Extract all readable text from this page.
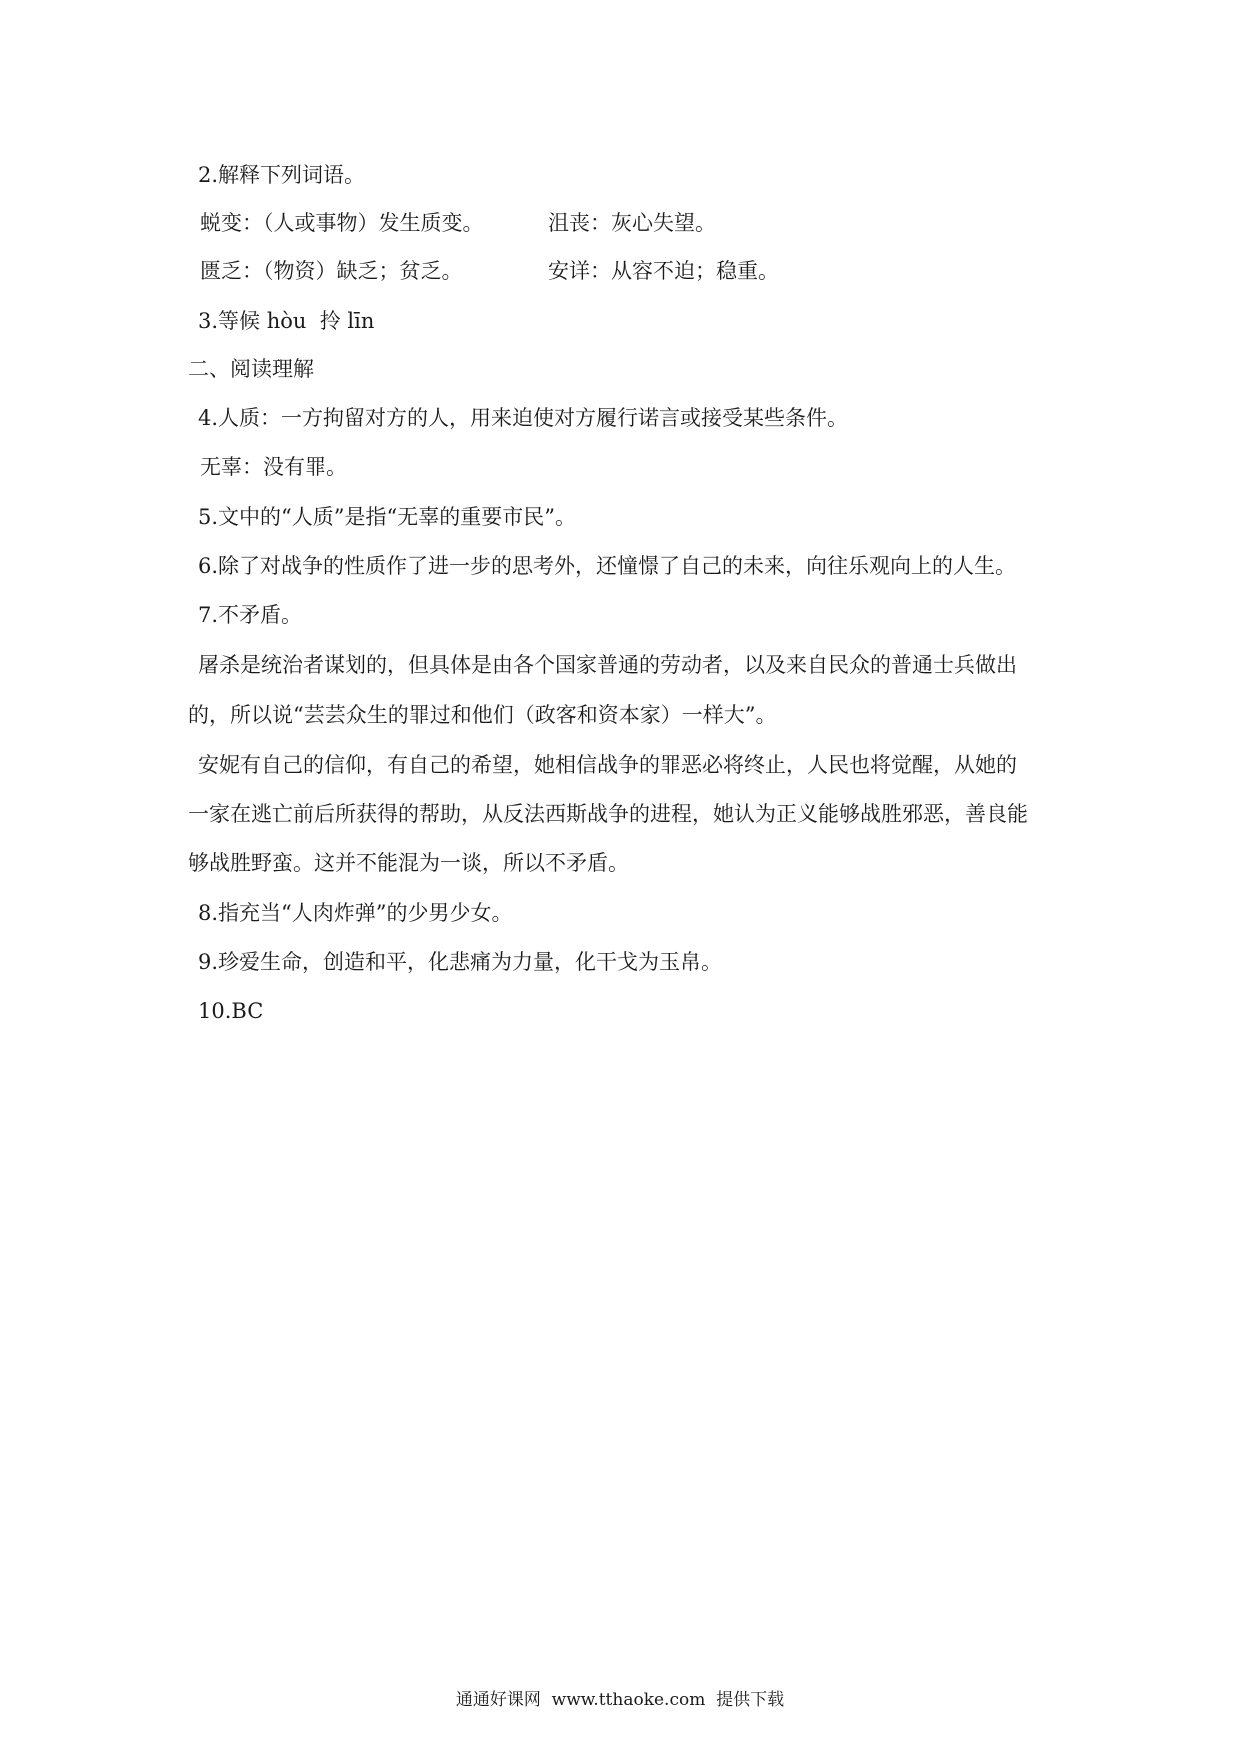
2.解释下列词语。
蜕变：（人或事物）发生质变。	沮丧：灰心失望。
匮乏：（物资）缺乏；贫乏。	安详：从容不迫；稳重。
3.等候 hòu  拎 līn
二、阅读理解
4.人质：一方拘留对方的人，用来迫使对方履行诺言或接受某些条件。
无辜：没有罪。
5.文中的“人质”是指“无辜的重要市民”。
6.除了对战争的性质作了进一步的思考外，还憧憬了自己的未来，向往乐观向上的人生。
7.不矛盾。
屠杀是统治者谋划的，但具体是由各个国家普通的劳动者，以及来自民众的普通士兵做出
的，所以说“芸芸众生的罪过和他们（政客和资本家）一样大”。
安妮有自己的信仰，有自己的希望，她相信战争的罪恶必将终止，人民也将觉醒，从她的
一家在逃亡前后所获得的帮助，从反法西斯战争的进程，她认为正义能够战胜邪恶，善良能
够战胜野蛮。这并不能混为一谈，所以不矛盾。
8.指充当“人肉炸弹”的少男少女。
9.珍爱生命，创造和平，化悲痛为力量，化干戈为玉帛。
10.BC
通通好课网  www.tthaoke.com  提供下载
